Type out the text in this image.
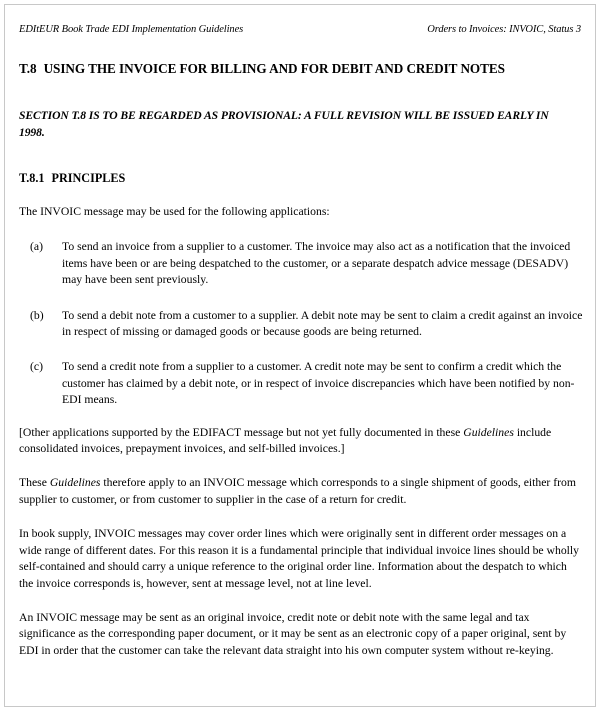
EDItEUR Book Trade EDI Implementation Guidelines	Orders to Invoices: INVOIC, Status 3
T.8 USING THE INVOICE FOR BILLING AND FOR DEBIT AND CREDIT NOTES

SECTION T.8 IS TO BE REGARDED AS PROVISIONAL: A FULL REVISION WILL BE ISSUED EARLY IN 1998.

T.8.1 PRINCIPLES

The INVOIC message may be used for the following applications:

(a)	To send an invoice from a supplier to a customer. The invoice may also act as a notification that the invoiced items have been or are being despatched to the customer, or a separate despatch advice message (DESADV) may have been sent previously.
(b)	To send a debit note from a customer to a supplier. A debit note may be sent to claim a credit against an invoice in respect of missing or damaged goods or because goods are being returned.
(c)	To send a credit note from a supplier to a customer. A credit note may be sent to confirm a credit which the customer has claimed by a debit note, or in respect of invoice discrepancies which have been notified by non-EDI means.

[Other applications supported by the EDIFACT message but not yet fully documented in these Guidelines include consolidated invoices, prepayment invoices, and self-billed invoices.]

These Guidelines therefore apply to an INVOIC message which corresponds to a single shipment of goods, either from supplier to customer, or from customer to supplier in the case of a return for credit.

In book supply, INVOIC messages may cover order lines which were originally sent in different order messages on a wide range of different dates. For this reason it is a fundamental principle that individual invoice lines should be wholly self-contained and should carry a unique reference to the original order line. Information about the despatch to which the invoice corresponds is, however, sent at message level, not at line level.

An INVOIC message may be sent as an original invoice, credit note or debit note with the same legal and tax significance as the corresponding paper document, or it may be sent as an electronic copy of a paper original, sent by EDI in order that the customer can take the relevant data straight into his own computer system without re-keying.
